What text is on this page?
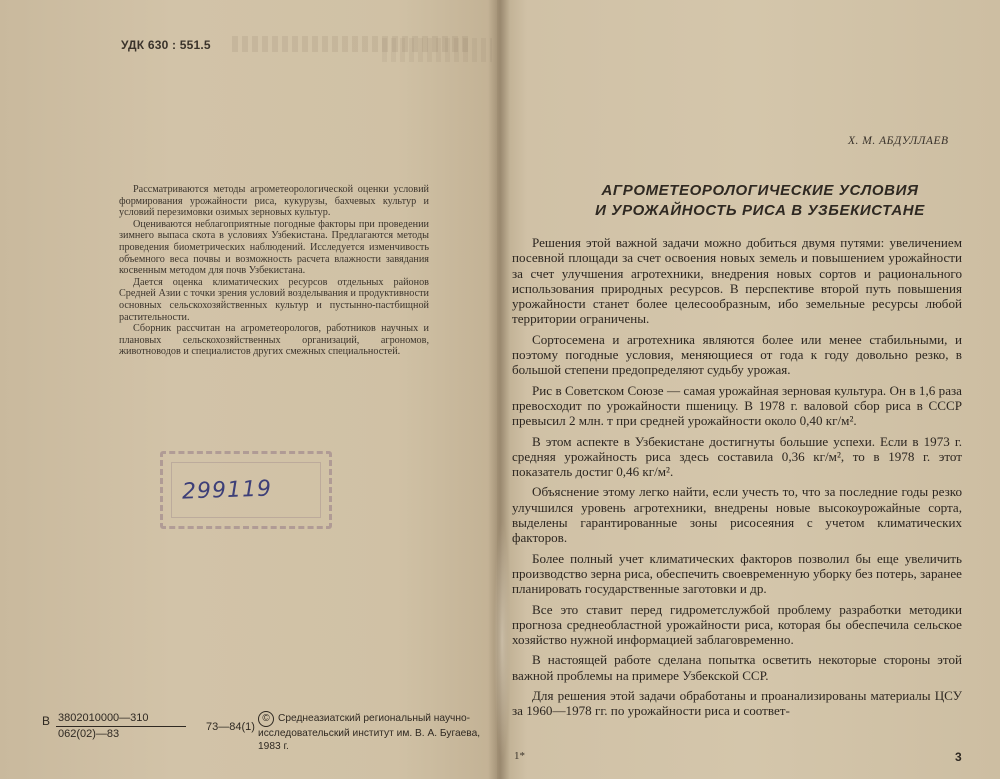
УДК 630 : 551.5

Рассматриваются методы агрометеорологической оценки условий формирования урожайности риса, кукурузы, бахчевых культур и условий перезимовки озимых зерновых культур.

Оцениваются неблагоприятные погодные факторы при проведении зимнего выпаса скота в условиях Узбекистана. Предлагаются методы проведения биометрических наблюдений. Исследуется изменчивость объемного веса почвы и возможность расчета влажности завядания косвенным методом для почв Узбекистана.

Дается оценка климатических ресурсов отдельных районов Средней Азии с точки зрения условий возделывания и продуктивности основных сельскохозяйственных культур и пустынно-пастбищной растительности.

Сборник рассчитан на агрометеорологов, работников научных и плановых сельскохозяйственных организаций, агрономов, животноводов и специалистов других смежных специальностей.

299119
В 3802010000—310
062(02)—83
73—84(1)

© Среднеазиатский региональный научно-исследовательский институт им. В. А. Бугаева, 1983 г.

Х. М. АБДУЛЛАЕВ
АГРОМЕТЕОРОЛОГИЧЕСКИЕ УСЛОВИЯ
И УРОЖАЙНОСТЬ РИСА В УЗБЕКИСТАНЕ

Решения этой важной задачи можно добиться двумя путями: увеличением посевной площади за счет освоения новых земель и повышением урожайности за счет улучшения агротехники, внедрения новых сортов и рационального использования природных ресурсов. В перспективе второй путь повышения урожайности станет более целесообразным, ибо земельные ресурсы любой территории ограничены.

Сортосемена и агротехника являются более или менее стабильными, и поэтому погодные условия, меняющиеся от года к году довольно резко, в большой степени предопределяют судьбу урожая.

Рис в Советском Союзе — самая урожайная зерновая культура. Он в 1,6 раза превосходит по урожайности пшеницу. В 1978 г. валовой сбор риса в СССР превысил 2 млн. т при средней урожайности около 0,40 кг/м².

В этом аспекте в Узбекистане достигнуты большие успехи. Если в 1973 г. средняя урожайность риса здесь составила 0,36 кг/м², то в 1978 г. этот показатель достиг 0,46 кг/м².

Объяснение этому легко найти, если учесть то, что за последние годы резко улучшился уровень агротехники, внедрены новые высокоурожайные сорта, выделены гарантированные зоны рисосеяния с учетом климатических факторов.

Более полный учет климатических факторов позволил бы еще увеличить производство зерна риса, обеспечить своевременную уборку без потерь, заранее планировать государственные заготовки и др.

Все это ставит перед гидрометслужбой проблему разработки методики прогноза среднеобластной урожайности риса, которая бы обеспечила сельское хозяйство нужной информацией заблаговременно.

В настоящей работе сделана попытка осветить некоторые стороны этой важной проблемы на примере Узбекской ССР.

Для решения этой задачи обработаны и проанализированы материалы ЦСУ за 1960—1978 гг. по урожайности риса и соответ-

1*	3
